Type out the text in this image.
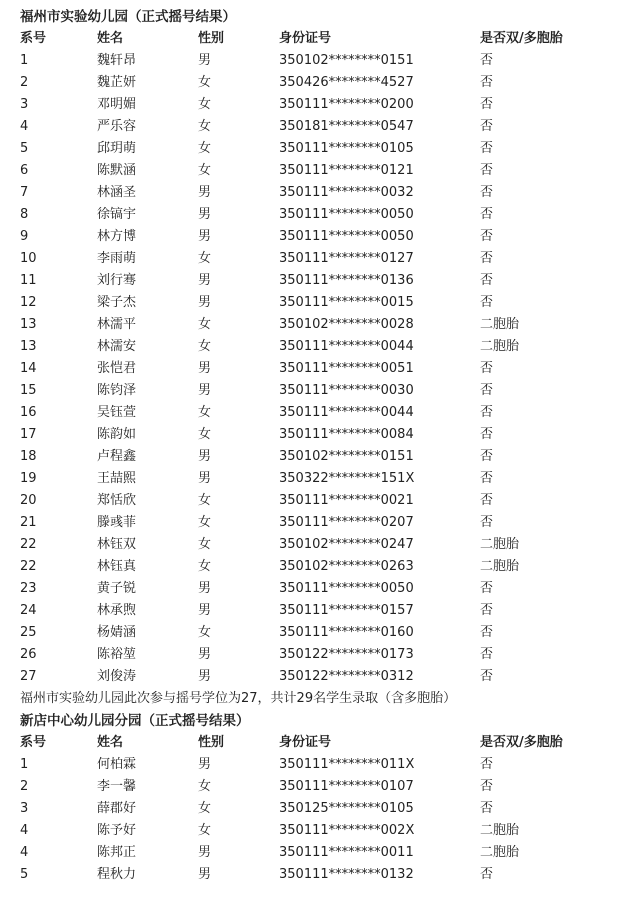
福州市实验幼儿园（正式摇号结果）
系号	姓名	性别	身份证号	是否双/多胞胎
1	魏轩昂	男	350102********0151	否
2	魏芷妍	女	350426********4527	否
3	邓明媚	女	350111********0200	否
4	严乐容	女	350181********0547	否
5	邱玥萌	女	350111********0105	否
6	陈默涵	女	350111********0121	否
7	林涵圣	男	350111********0032	否
8	徐镐宇	男	350111********0050	否
9	林方博	男	350111********0050	否
10	李雨萌	女	350111********0127	否
11	刘行骞	男	350111********0136	否
12	梁子杰	男	350111********0015	否
13	林濡平	女	350102********0028	二胞胎
13	林濡安	女	350111********0044	二胞胎
14	张恺君	男	350111********0051	否
15	陈钧泽	男	350111********0030	否
16	吴钰萱	女	350111********0044	否
17	陈韵如	女	350111********0084	否
18	卢程鑫	男	350102********0151	否
19	王喆熙	男	350322********151X	否
20	郑恬欣	女	350111********0021	否
21	滕彧菲	女	350111********0207	否
22	林钰双	女	350102********0247	二胞胎
22	林钰真	女	350102********0263	二胞胎
23	黄子锐	男	350111********0050	否
24	林承煦	男	350111********0157	否
25	杨婧涵	女	350111********0160	否
26	陈裕堃	男	350122********0173	否
27	刘俊涛	男	350122********0312	否
福州市实验幼儿园此次参与摇号学位为27，共计29名学生录取（含多胞胎）
新店中心幼儿园分园（正式摇号结果）
系号	姓名	性别	身份证号	是否双/多胞胎
1	何柏霖	男	350111********011X	否
2	李一馨	女	350111********0107	否
3	薛郡好	女	350125********0105	否
4	陈予好	女	350111********002X	二胞胎
4	陈邦正	男	350111********0011	二胞胎
5	程秋力	男	350111********0132	否
